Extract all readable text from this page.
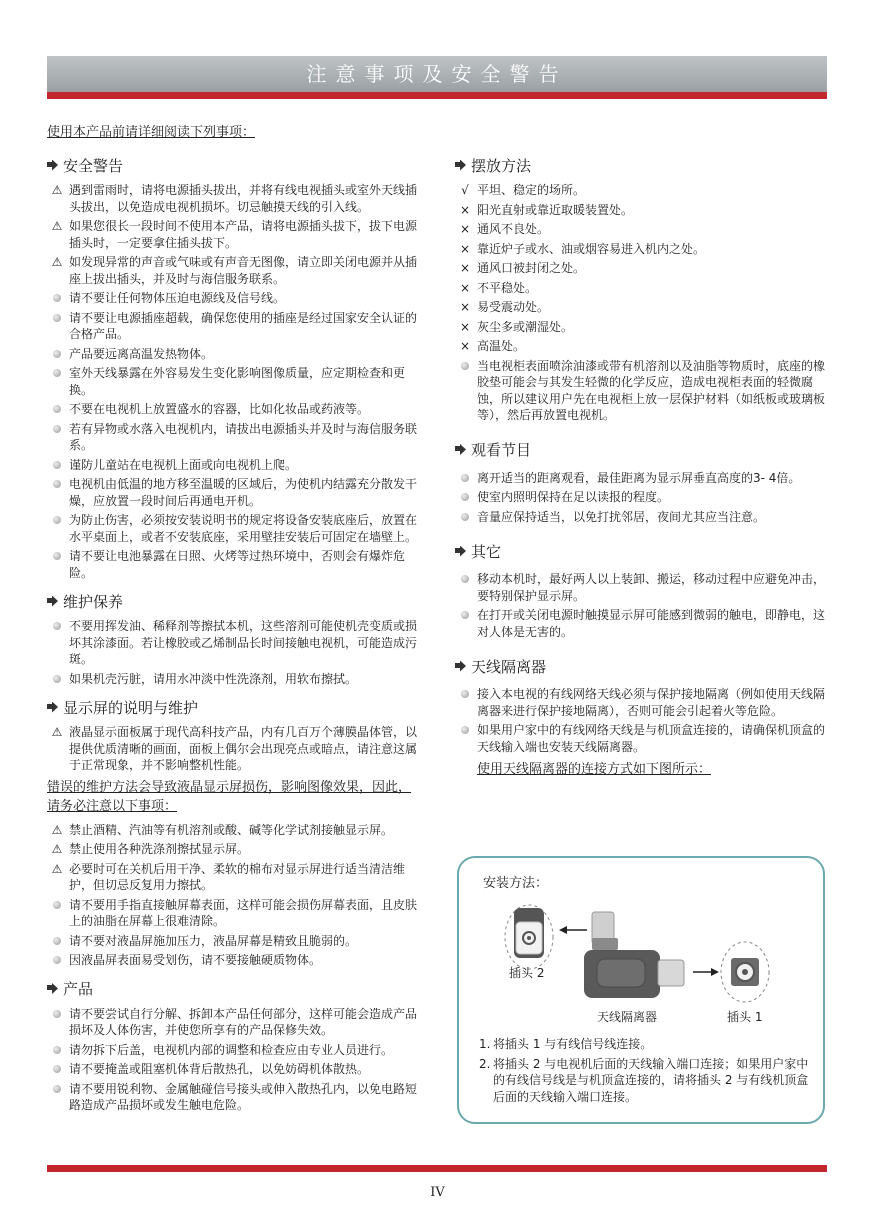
注意事项及安全警告
使用本产品前请详细阅读下列事项：
安全警告
⚠ 遇到雷雨时，请将电源插头拔出，并将有线电视插头或室外天线插头拔出，以免造成电视机损坏。切忌触摸天线的引入线。
⚠ 如果您很长一段时间不使用本产品，请将电源插头拔下，拔下电源插头时，一定要拿住插头拔下。
⚠ 如发现异常的声音或气味或有声音无图像，请立即关闭电源并从插座上拔出插头，并及时与海信服务联系。
请不要让任何物体压迫电源线及信号线。
请不要让电源插座超载，确保您使用的插座是经过国家安全认证的合格产品。
产品要远离高温发热物体。
室外天线暴露在外容易发生变化影响图像质量，应定期检查和更换。
不要在电视机上放置盛水的容器，比如化妆品或药液等。
若有异物或水落入电视机内，请拔出电源插头并及时与海信服务联系。
谨防儿童站在电视机上面或向电视机上爬。
电视机由低温的地方移至温暖的区域后，为使机内结露充分散发干燥，应放置一段时间后再通电开机。
为防止伤害，必须按安装说明书的规定将设备安装底座后，放置在水平桌面上，或者不安装底座，采用壁挂安装后可固定在墙壁上。
请不要让电池暴露在日照、火烤等过热环境中，否则会有爆炸危险。
维护保养
不要用挥发油、稀释剂等擦拭本机，这些溶剂可能使机壳变质或损坏其涂漆面。若让橡胶或乙烯制品长时间接触电视机，可能造成污斑。
如果机壳污脏，请用水冲淡中性洗涤剂，用软布擦拭。
显示屏的说明与维护
⚠ 液晶显示面板属于现代高科技产品，内有几百万个薄膜晶体管，以提供优质清晰的画面，面板上偶尔会出现亮点或暗点，请注意这属于正常现象，并不影响整机性能。
错误的维护方法会导致液晶显示屏损伤，影响图像效果，因此，请务必注意以下事项：
⚠ 禁止酒精、汽油等有机溶剂或酸、碱等化学试剂接触显示屏。
⚠ 禁止使用各种洗涤剂擦拭显示屏。
⚠ 必要时可在关机后用干净、柔软的棉布对显示屏进行适当清洁维护，但切忌反复用力擦拭。
请不要用手指直接触屏幕表面，这样可能会损伤屏幕表面，且皮肤上的油脂在屏幕上很难清除。
请不要对液晶屏施加压力，液晶屏幕是精致且脆弱的。
因液晶屏表面易受划伤，请不要接触硬质物体。
产品
请不要尝试自行分解、拆卸本产品任何部分，这样可能会造成产品损坏及人体伤害，并使您所享有的产品保修失效。
请勿拆下后盖，电视机内部的调整和检查应由专业人员进行。
请不要掩盖或阻塞机体背后散热孔，以免妨碍机体散热。
请不要用锐利物、金属触碰信号接头或伸入散热孔内，以免电路短路造成产品损坏或发生触电危险。
摆放方法
√ 平坦、稳定的场所。
× 阳光直射或靠近取暖装置处。
× 通风不良处。
× 靠近炉子或水、油或烟容易进入机内之处。
× 通风口被封闭之处。
× 不平稳处。
× 易受震动处。
× 灰尘多或潮湿处。
× 高温处。
当电视柜表面喷涂油漆或带有机溶剂以及油脂等物质时，底座的橡胶垫可能会与其发生轻微的化学反应，造成电视柜表面的轻微腐蚀，所以建议用户先在电视柜上放一层保护材料（如纸板或玻璃板等），然后再放置电视机。
观看节目
离开适当的距离观看，最佳距离为显示屏垂直高度的3- 4倍。
使室内照明保持在足以读报的程度。
音量应保持适当，以免打扰邻居，夜间尤其应当注意。
其它
移动本机时，最好两人以上装卸、搬运，移动过程中应避免冲击，要特别保护显示屏。
在打开或关闭电源时触摸显示屏可能感到微弱的触电，即静电，这对人体是无害的。
天线隔离器
接入本电视的有线网络天线必须与保护接地隔离（例如使用天线隔离器来进行保护接地隔离），否则可能会引起着火等危险。
如果用户家中的有线网络天线是与机顶盒连接的，请确保机顶盒的天线输入端也安装天线隔离器。
使用天线隔离器的连接方式如下图所示：
安装方法：
插头 2
天线隔离器	插头 1
1. 将插头 1 与有线信号线连接。
2. 将插头 2 与电视机后面的天线输入端口连接；如果用户家中的有线信号线是与机顶盒连接的，请将插头 2 与有线机顶盒后面的天线输入端口连接。
IV
